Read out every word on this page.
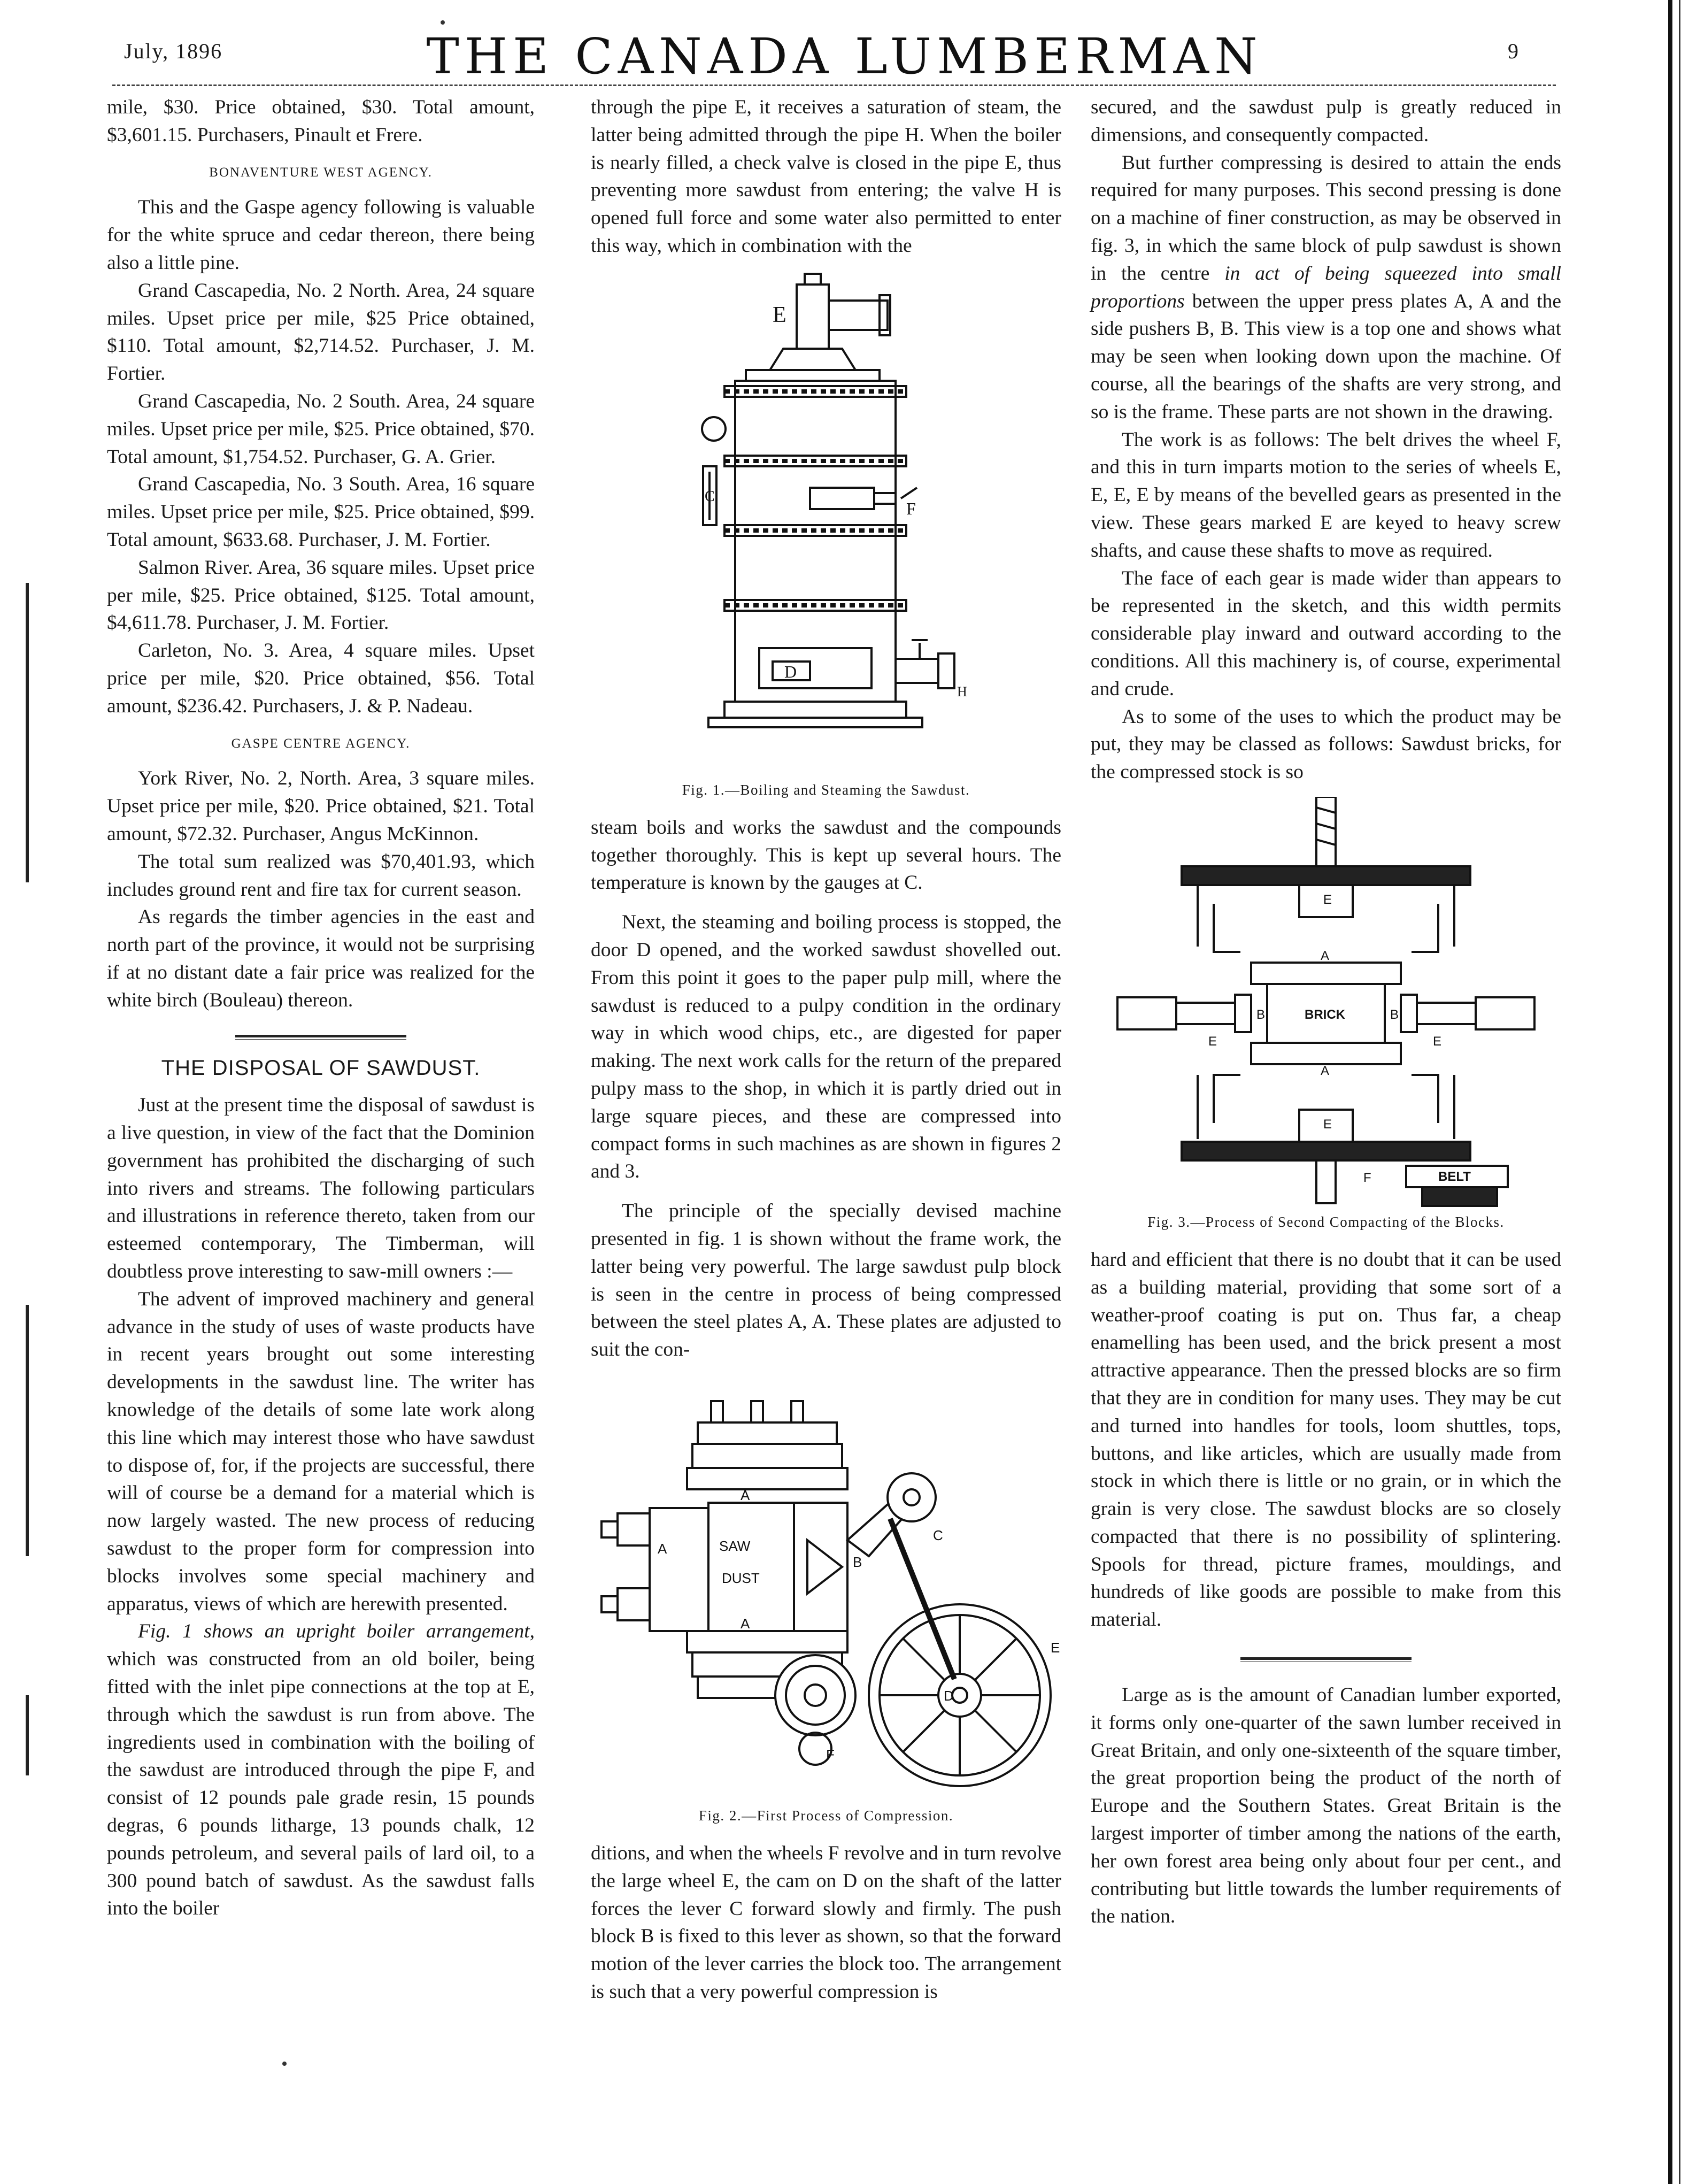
July, 1896	THE CANADA LUMBERMAN	9

mile, $30. Price obtained, $30. Total amount, $3,601.15. Purchasers, Pinault et Frere.

BONAVENTURE WEST AGENCY.

This and the Gaspe agency following is valuable for the white spruce and cedar thereon, there being also a little pine.

Grand Cascapedia, No. 2 North. Area, 24 square miles. Upset price per mile, $25 Price obtained, $110. Total amount, $2,714.52. Purchaser, J. M. Fortier.

Grand Cascapedia, No. 2 South. Area, 24 square miles. Upset price per mile, $25. Price obtained, $70. Total amount, $1,754.52. Purchaser, G. A. Grier.

Grand Cascapedia, No. 3 South. Area, 16 square miles. Upset price per mile, $25. Price obtained, $99. Total amount, $633.68. Purchaser, J. M. Fortier.

Salmon River. Area, 36 square miles. Upset price per mile, $25. Price obtained, $125. Total amount, $4,611.78. Purchaser, J. M. Fortier.

Carleton, No. 3. Area, 4 square miles. Upset price per mile, $20. Price obtained, $56. Total amount, $236.42. Purchasers, J. & P. Nadeau.

GASPE CENTRE AGENCY.

York River, No. 2, North. Area, 3 square miles. Upset price per mile, $20. Price obtained, $21. Total amount, $72.32. Purchaser, Angus McKinnon.

The total sum realized was $70,401.93, which includes ground rent and fire tax for current season.

As regards the timber agencies in the east and north part of the province, it would not be surprising if at no distant date a fair price was realized for the white birch (Bouleau) thereon.

THE DISPOSAL OF SAWDUST.

Just at the present time the disposal of sawdust is a live question, in view of the fact that the Dominion government has prohibited the discharging of such into rivers and streams. The following particulars and illustrations in reference thereto, taken from our esteemed contemporary, The Timberman, will doubtless prove interesting to saw-mill owners :—

The advent of improved machinery and general advance in the study of uses of waste products have in recent years brought out some interesting developments in the sawdust line. The writer has knowledge of the details of some late work along this line which may interest those who have sawdust to dispose of, for, if the projects are successful, there will of course be a demand for a material which is now largely wasted. The new process of reducing sawdust to the proper form for compression into blocks involves some special machinery and apparatus, views of which are herewith presented.

Fig. 1 shows an upright boiler arrangement, which was constructed from an old boiler, being fitted with the inlet pipe connections at the top at E, through which the sawdust is run from above. The ingredients used in combination with the boiling of the sawdust are introduced through the pipe F, and consist of 12 pounds pale grade resin, 15 pounds degras, 6 pounds litharge, 13 pounds chalk, 12 pounds petroleum, and several pails of lard oil, to a 300 pound batch of sawdust. As the sawdust falls into the boiler

through the pipe E, it receives a saturation of steam, the latter being admitted through the pipe H. When the boiler is nearly filled, a check valve is closed in the pipe E, thus preventing more sawdust from entering; the valve H is opened full force and some water also permitted to enter this way, which in combination with the

E
F
C
D
H
Fig. 1.—Boiling and Steaming the Sawdust.

steam boils and works the sawdust and the compounds together thoroughly. This is kept up several hours. The temperature is known by the gauges at C.

Next, the steaming and boiling process is stopped, the door D opened, and the worked sawdust shovelled out. From this point it goes to the paper pulp mill, where the sawdust is reduced to a pulpy condition in the ordinary way in which wood chips, etc., are digested for paper making. The next work calls for the return of the prepared pulpy mass to the shop, in which it is partly dried out in large square pieces, and these are compressed into compact forms in such machines as are shown in figures 2 and 3.

The principle of the specially devised machine presented in fig. 1 is shown without the frame work, the latter being very powerful. The large sawdust pulp block is seen in the centre in process of being compressed between the steel plates A, A. These plates are adjusted to suit the con-

SAW
DUST
A
A
A
B
C
D
E
F
Fig. 2.—First Process of Compression.

ditions, and when the wheels F revolve and in turn revolve the large wheel E, the cam on D on the shaft of the latter forces the lever C forward slowly and firmly. The push block B is fixed to this lever as shown, so that the forward motion of the lever carries the block too. The arrangement is such that a very powerful compression is

secured, and the sawdust pulp is greatly reduced in dimensions, and consequently compacted.

But further compressing is desired to attain the ends required for many purposes. This second pressing is done on a machine of finer construction, as may be observed in fig. 3, in which the same block of pulp sawdust is shown in the centre in act of being squeezed into small proportions between the upper press plates A, A and the side pushers B, B. This view is a top one and shows what may be seen when looking down upon the machine. Of course, all the bearings of the shafts are very strong, and so is the frame. These parts are not shown in the drawing.

The work is as follows: The belt drives the wheel F, and this in turn imparts motion to the series of wheels E, E, E, E by means of the bevelled gears as presented in the view. These gears marked E are keyed to heavy screw shafts, and cause these shafts to move as required.

The face of each gear is made wider than appears to be represented in the sketch, and this width permits considerable play inward and outward according to the conditions. All this machinery is, of course, experimental and crude.

As to some of the uses to which the product may be put, they may be classed as follows: Sawdust bricks, for the compressed stock is so

BRICK
A
A
B	B
E
E	E
E
F	BELT
Fig. 3.—Process of Second Compacting of the Blocks.

hard and efficient that there is no doubt that it can be used as a building material, providing that some sort of a weather-proof coating is put on. Thus far, a cheap enamelling has been used, and the brick present a most attractive appearance. Then the pressed blocks are so firm that they are in condition for many uses. They may be cut and turned into handles for tools, loom shuttles, tops, buttons, and like articles, which are usually made from stock in which there is little or no grain, or in which the grain is very close. The sawdust blocks are so closely compacted that there is no possibility of splintering. Spools for thread, picture frames, mouldings, and hundreds of like goods are possible to make from this material.

Large as is the amount of Canadian lumber exported, it forms only one-quarter of the sawn lumber received in Great Britain, and only one-sixteenth of the square timber, the great proportion being the product of the north of Europe and the Southern States. Great Britain is the largest importer of timber among the nations of the earth, her own forest area being only about four per cent., and contributing but little towards the lumber requirements of the nation.
